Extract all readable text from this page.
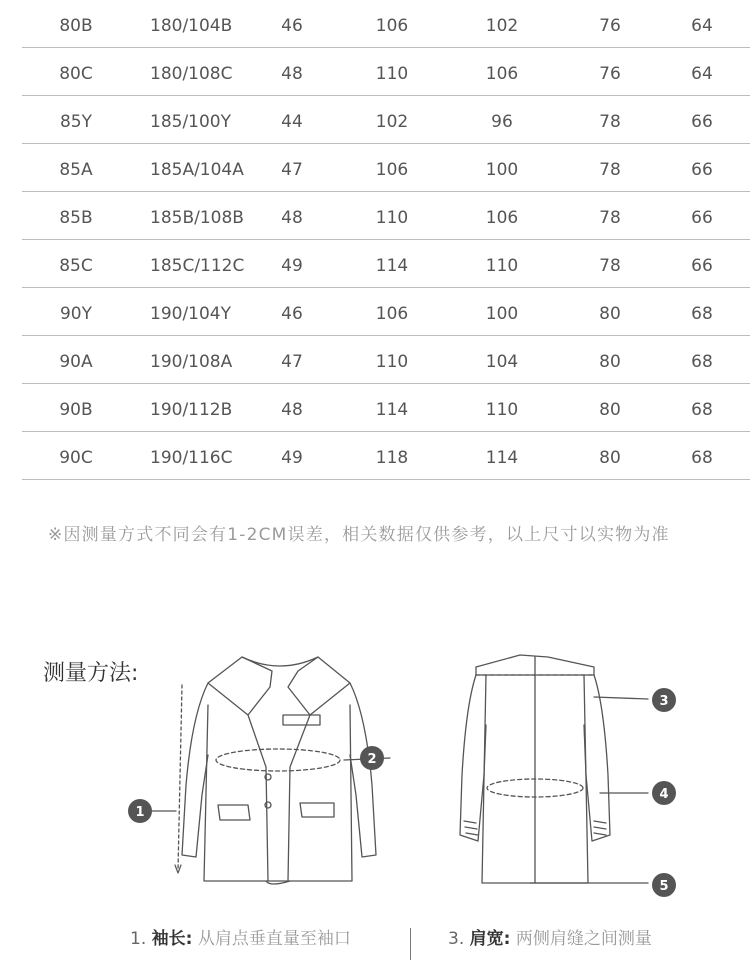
80B	180/104B	46	106	102	76	64
80C	180/108C	48	110	106	76	64
85Y	185/100Y	44	102	96	78	66
85A	185A/104A 47	106	100	78	66
85B	185B/108B 48	110	106	78	66
85C	185C/112C 49	114	110	78	66
90Y	190/104Y	46	106	100	80	68
90A	190/108A	47	110	104	80	68
90B	190/112B	48	114	110	80	68
90C	190/116C	49	118	114	80	68
※因测量方式不同会有1-2CM误差，相关数据仅供参考，以上尺寸以实物为准
测量方法:
1
2
3
4
5
1. 袖长: 从肩点垂直量至袖口	3. 肩宽: 两侧肩缝之间测量
